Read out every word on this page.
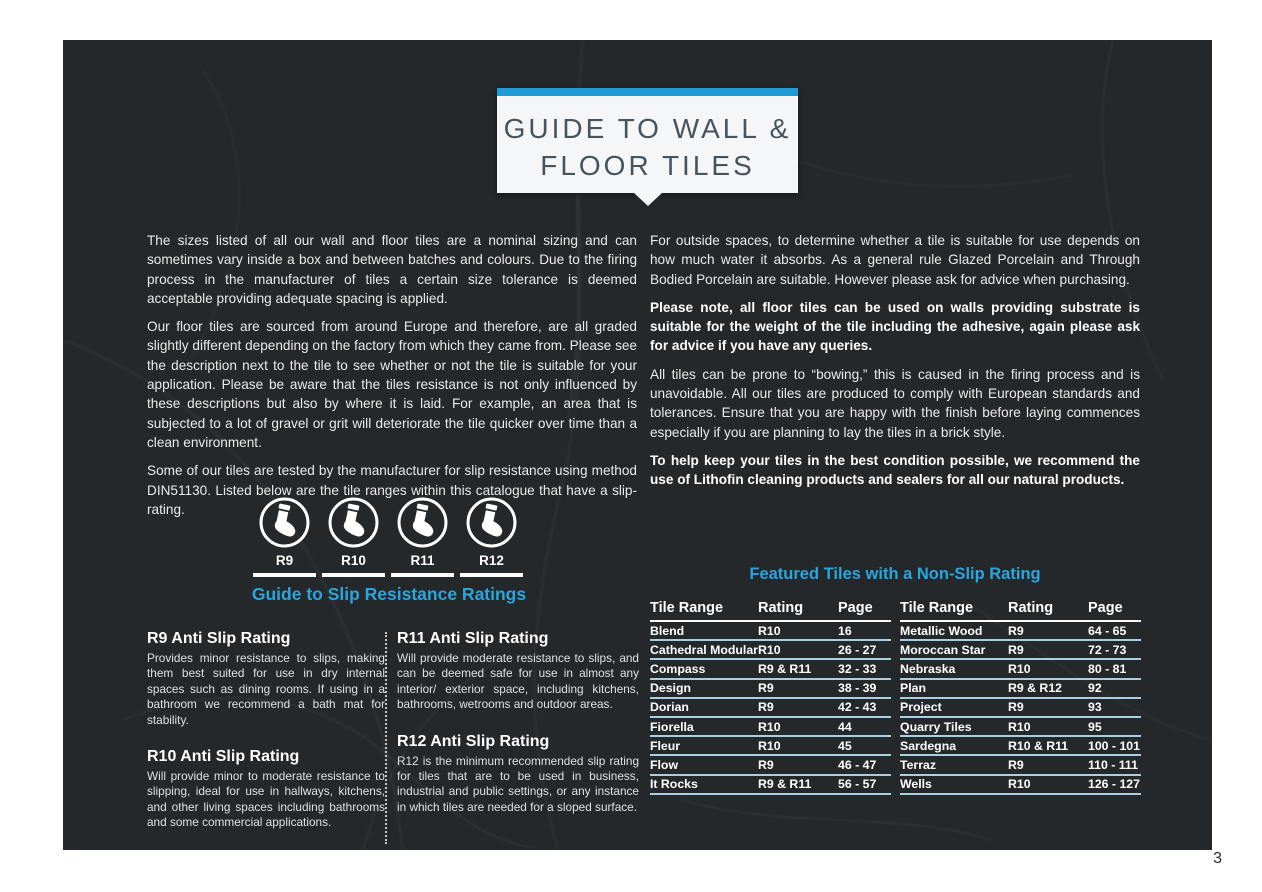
GUIDE TO WALL &
FLOOR TILES

The sizes listed of all our wall and floor tiles are a nominal sizing and can sometimes vary inside a box and between batches and colours. Due to the firing process in the manufacturer of tiles a certain size tolerance is deemed acceptable providing adequate spacing is applied.

Our floor tiles are sourced from around Europe and therefore, are all graded slightly different depending on the factory from which they came from. Please see the description next to the tile to see whether or not the tile is suitable for your application. Please be aware that the tiles resistance is not only influenced by these descriptions but also by where it is laid. For example, an area that is subjected to a lot of gravel or grit will deteriorate the tile quicker over time than a clean environment.

Some of our tiles are tested by the manufacturer for slip resistance using method DIN51130. Listed below are the tile ranges within this catalogue that have a slip-rating.

For outside spaces, to determine whether a tile is suitable for use depends on how much water it absorbs. As a general rule Glazed Porcelain and Through Bodied Porcelain are suitable. However please ask for advice when purchasing.

Please note, all floor tiles can be used on walls providing substrate is suitable for the weight of the tile including the adhesive, again please ask for advice if you have any queries.

All tiles can be prone to “bowing,” this is caused in the firing process and is unavoidable. All our tiles are produced to comply with European standards and tolerances. Ensure that you are happy with the finish before laying commences especially if you are planning to lay the tiles in a brick style.

To help keep your tiles in the best condition possible, we recommend the use of Lithofin cleaning products and sealers for all our natural products.

R9	R10	R11	R12
Guide to Slip Resistance Ratings
R9 Anti Slip Rating
Provides minor resistance to slips, making them best suited for use in dry internal spaces such as dining rooms. If using in a bathroom we recommend a bath mat for stability.
R10 Anti Slip Rating
Will provide minor to moderate resistance to slipping, ideal for use in hallways, kitchens, and other living spaces including bathrooms and some commercial applications.
R11 Anti Slip Rating
Will provide moderate resistance to slips, and can be deemed safe for use in almost any interior/ exterior space, including kitchens, bathrooms, wetrooms and outdoor areas.
R12 Anti Slip Rating
R12 is the minimum recommended slip rating for tiles that are to be used in business, industrial and public settings, or any instance in which tiles are needed for a sloped surface.
Featured Tiles with a Non-Slip Rating
Tile Range	Rating	Page
Blend	R10	16
Cathedral Modular R10	26 - 27
Compass	R9 & R11	32 - 33
Design	R9	38 - 39
Dorian	R9	42 - 43
Fiorella	R10	44
Fleur	R10	45
Flow	R9	46 - 47
It Rocks	R9 & R11	56 - 57
Tile Range	Rating	Page
Metallic Wood	R9	64 - 65
Moroccan Star	R9	72 - 73
Nebraska	R10	80 - 81
Plan	R9 & R12	92
Project	R9	93
Quarry Tiles	R10	95
Sardegna	R10 & R11	100 - 101
Terraz	R9	110 - 111
Wells	R10	126 - 127
3
